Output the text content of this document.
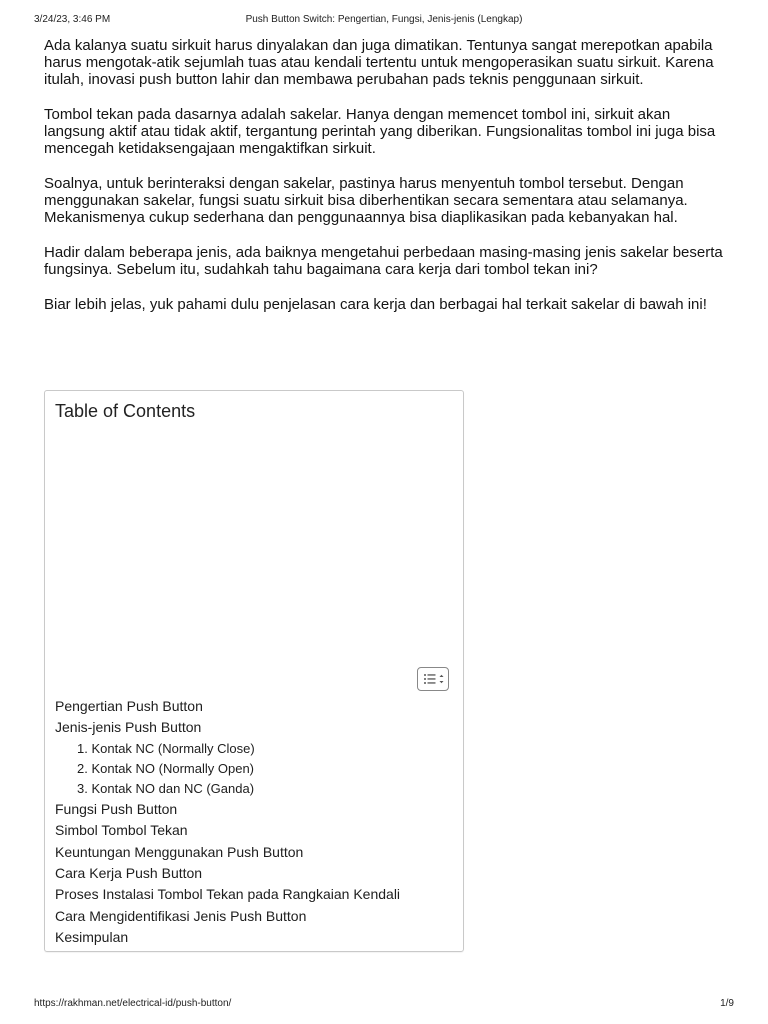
3/24/23, 3:46 PM	Push Button Switch: Pengertian, Fungsi, Jenis-jenis (Lengkap)

Ada kalanya suatu sirkuit harus dinyalakan dan juga dimatikan. Tentunya sangat merepotkan apabila harus mengotak-atik sejumlah tuas atau kendali tertentu untuk mengoperasikan suatu sirkuit. Karena itulah, inovasi push button lahir dan membawa perubahan pads teknis penggunaan sirkuit.

Tombol tekan pada dasarnya adalah sakelar. Hanya dengan memencet tombol ini, sirkuit akan langsung aktif atau tidak aktif, tergantung perintah yang diberikan. Fungsionalitas tombol ini juga bisa mencegah ketidaksengajaan mengaktifkan sirkuit.

Soalnya, untuk berinteraksi dengan sakelar, pastinya harus menyentuh tombol tersebut. Dengan menggunakan sakelar, fungsi suatu sirkuit bisa diberhentikan secara sementara atau selamanya. Mekanismenya cukup sederhana dan penggunaannya bisa diaplikasikan pada kebanyakan hal.

Hadir dalam beberapa jenis, ada baiknya mengetahui perbedaan masing-masing jenis sakelar beserta fungsinya. Sebelum itu, sudahkah tahu bagaimana cara kerja dari tombol tekan ini?

Biar lebih jelas, yuk pahami dulu penjelasan cara kerja dan berbagai hal terkait sakelar di bawah ini!

Table of Contents
Pengertian Push Button
Jenis-jenis Push Button
1. Kontak NC (Normally Close)
2. Kontak NO (Normally Open)
3. Kontak NO dan NC (Ganda)
Fungsi Push Button
Simbol Tombol Tekan
Keuntungan Menggunakan Push Button
Cara Kerja Push Button
Proses Instalasi Tombol Tekan pada Rangkaian Kendali
Cara Mengidentifikasi Jenis Push Button
Kesimpulan
https://rakhman.net/electrical-id/push-button/	1/9
